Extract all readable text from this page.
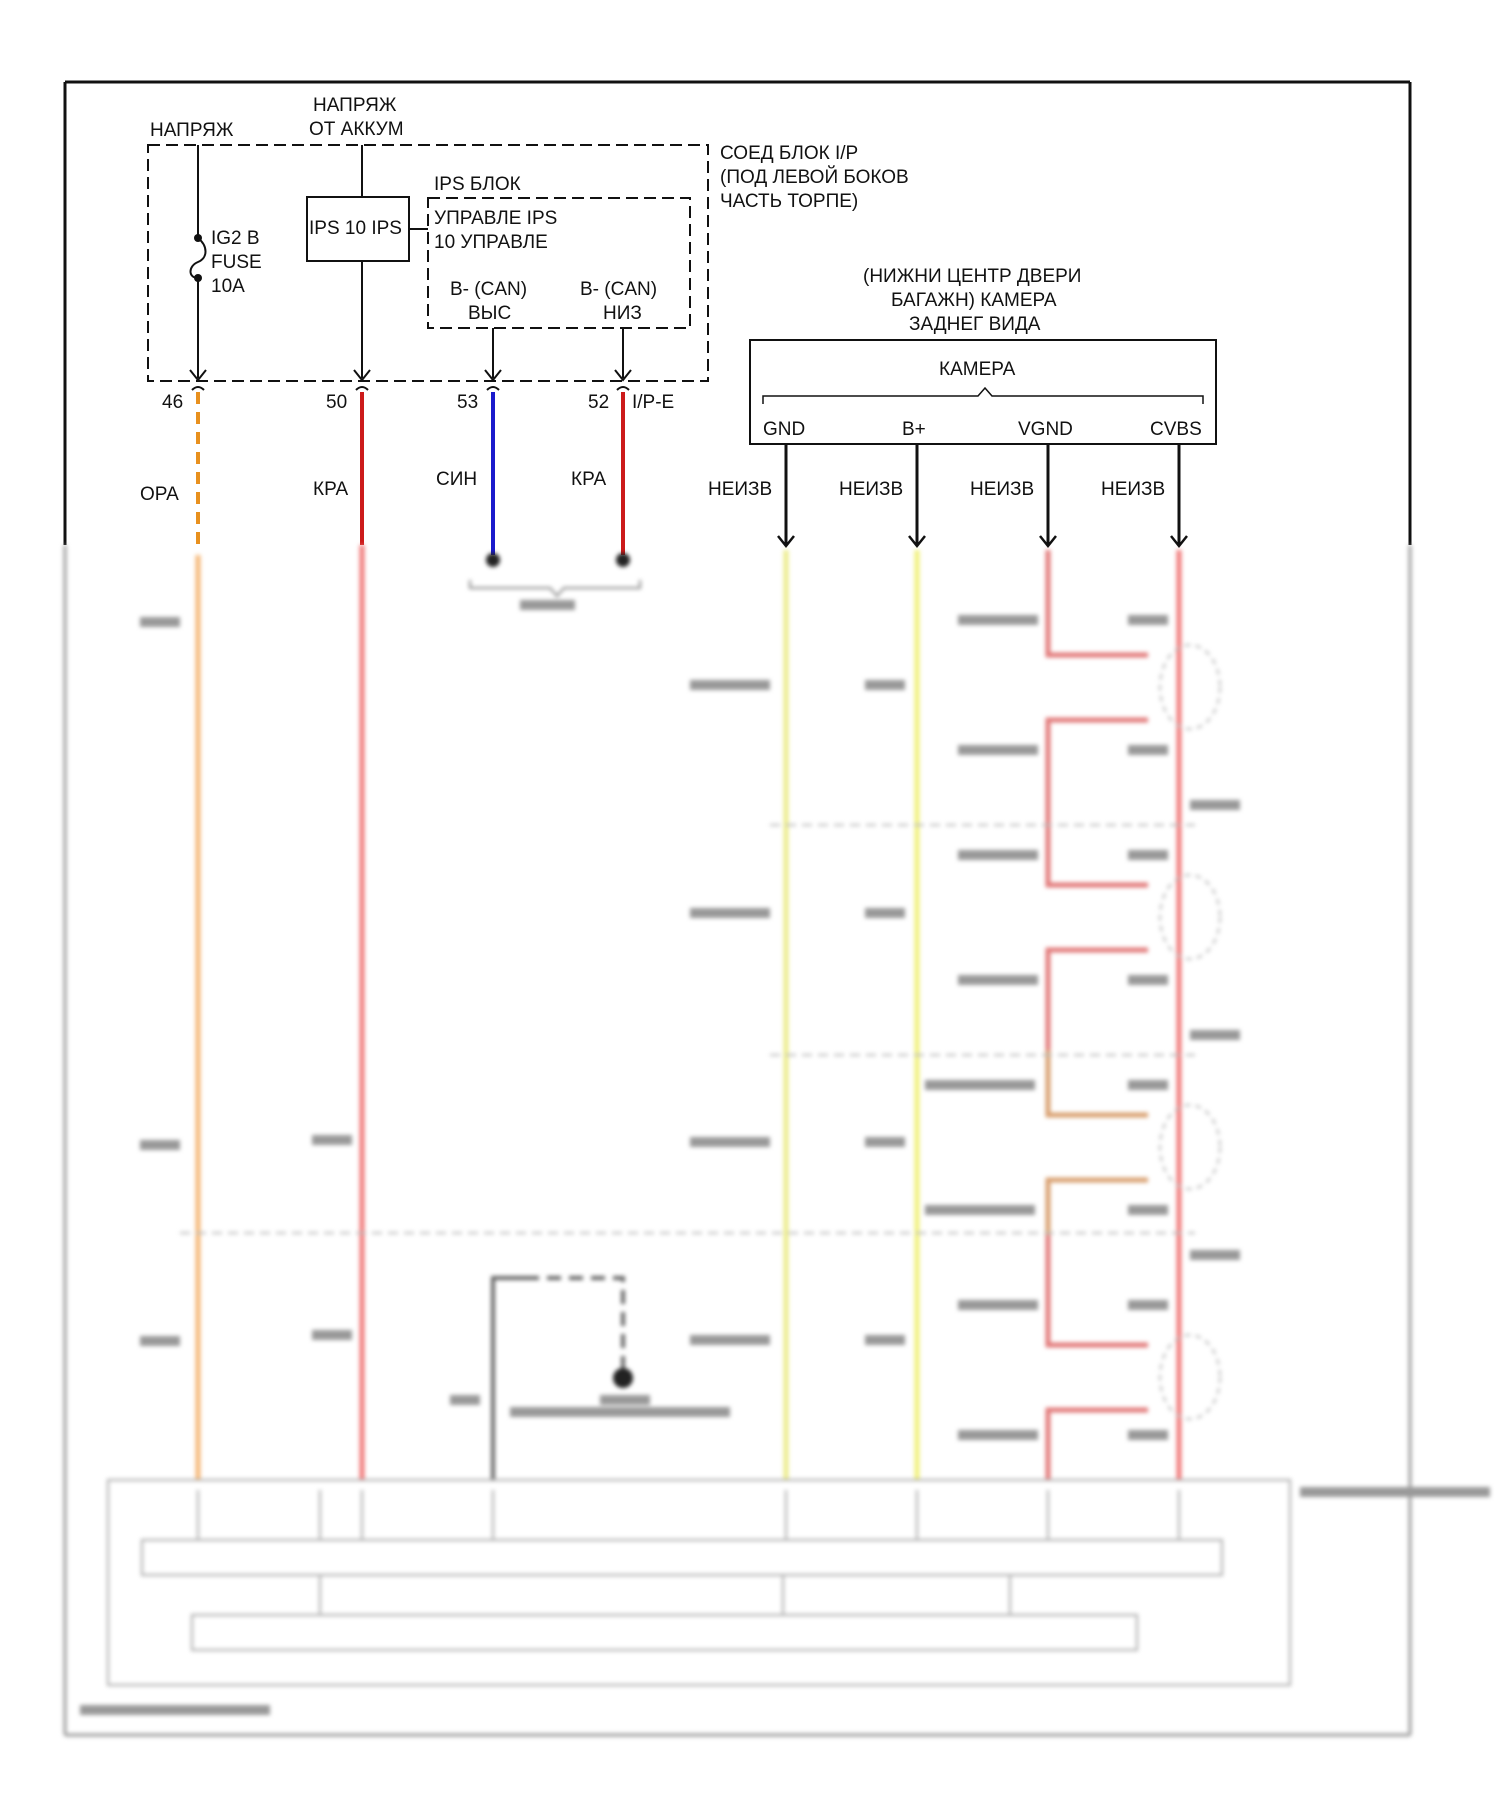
IPS 10 IPS
НАПРЯЖ
НАПРЯЖ
ОТ АККУМ
IPS БЛОК
УПРАВЛЕ IPS
10 УПРАВЛЕ
B- (CAN)
ВЫС
B- (CAN)
НИЗ
СОЕД БЛОК I/P
(ПОД ЛЕВОЙ БОКОВ
ЧАСТЬ ТОРПЕ)
IG2 B
FUSE
10A
46	50	53	52 I/P-E
ОРА	КРА	СИН	КРА
(НИЖНИ ЦЕНТР ДВЕРИ
БАГАЖН) КАМЕРА
ЗАДНЕГ ВИДА
КАМЕРА
GND	B+	VGND	CVBS
НЕИЗВ	НЕИЗВ	НЕИЗВ	НЕИЗВ
